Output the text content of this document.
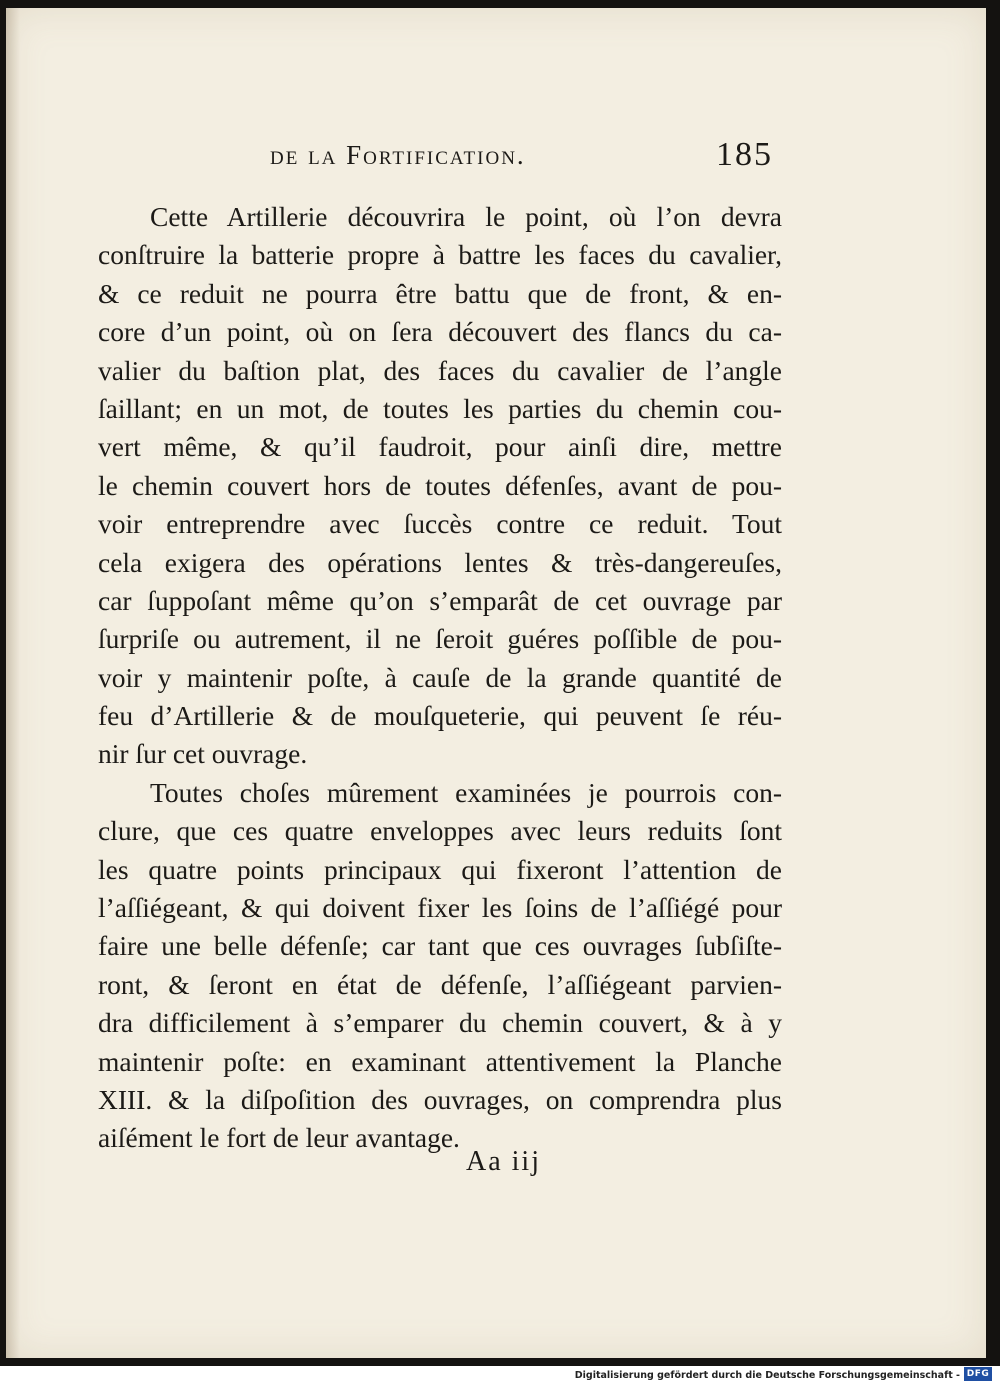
de la Fortification.	185
Cette Artillerie découvrira le point, où l’on devra
conſtruire la batterie propre à battre les faces du cavalier,
& ce reduit ne pourra être battu que de front, & en-
core d’un point, où on ſera découvert des flancs du ca-
valier du baſtion plat, des faces du cavalier de l’angle
ſaillant; en un mot, de toutes les parties du chemin cou-
vert même, & qu’il faudroit, pour ainſi dire, mettre
le chemin couvert hors de toutes défenſes, avant de pou-
voir entreprendre avec ſuccès contre ce reduit. Tout
cela exigera des opérations lentes & très-dangereuſes,
car ſuppoſant même qu’on s’emparât de cet ouvrage par
ſurpriſe ou autrement, il ne ſeroit guéres poſſible de pou-
voir y maintenir poſte, à cauſe de la grande quantité de
feu d’Artillerie & de mouſqueterie, qui peuvent ſe réu-
nir ſur cet ouvrage.
Toutes choſes mûrement examinées je pourrois con-
clure, que ces quatre enveloppes avec leurs reduits ſont
les quatre points principaux qui fixeront l’attention de
l’aſſiégeant, & qui doivent fixer les ſoins de l’aſſiégé pour
faire une belle défenſe; car tant que ces ouvrages ſubſiſte-
ront, & ſeront en état de défenſe, l’aſſiégeant parvien-
dra difficilement à s’emparer du chemin couvert, & à y
maintenir poſte: en examinant attentivement la Planche
XIII. & la diſpoſition des ouvrages, on comprendra plus
aiſément le fort de leur avantage.
Aa iij
Digitalisierung gefördert durch die Deutsche Forschungsgemeinschaft - DFG
